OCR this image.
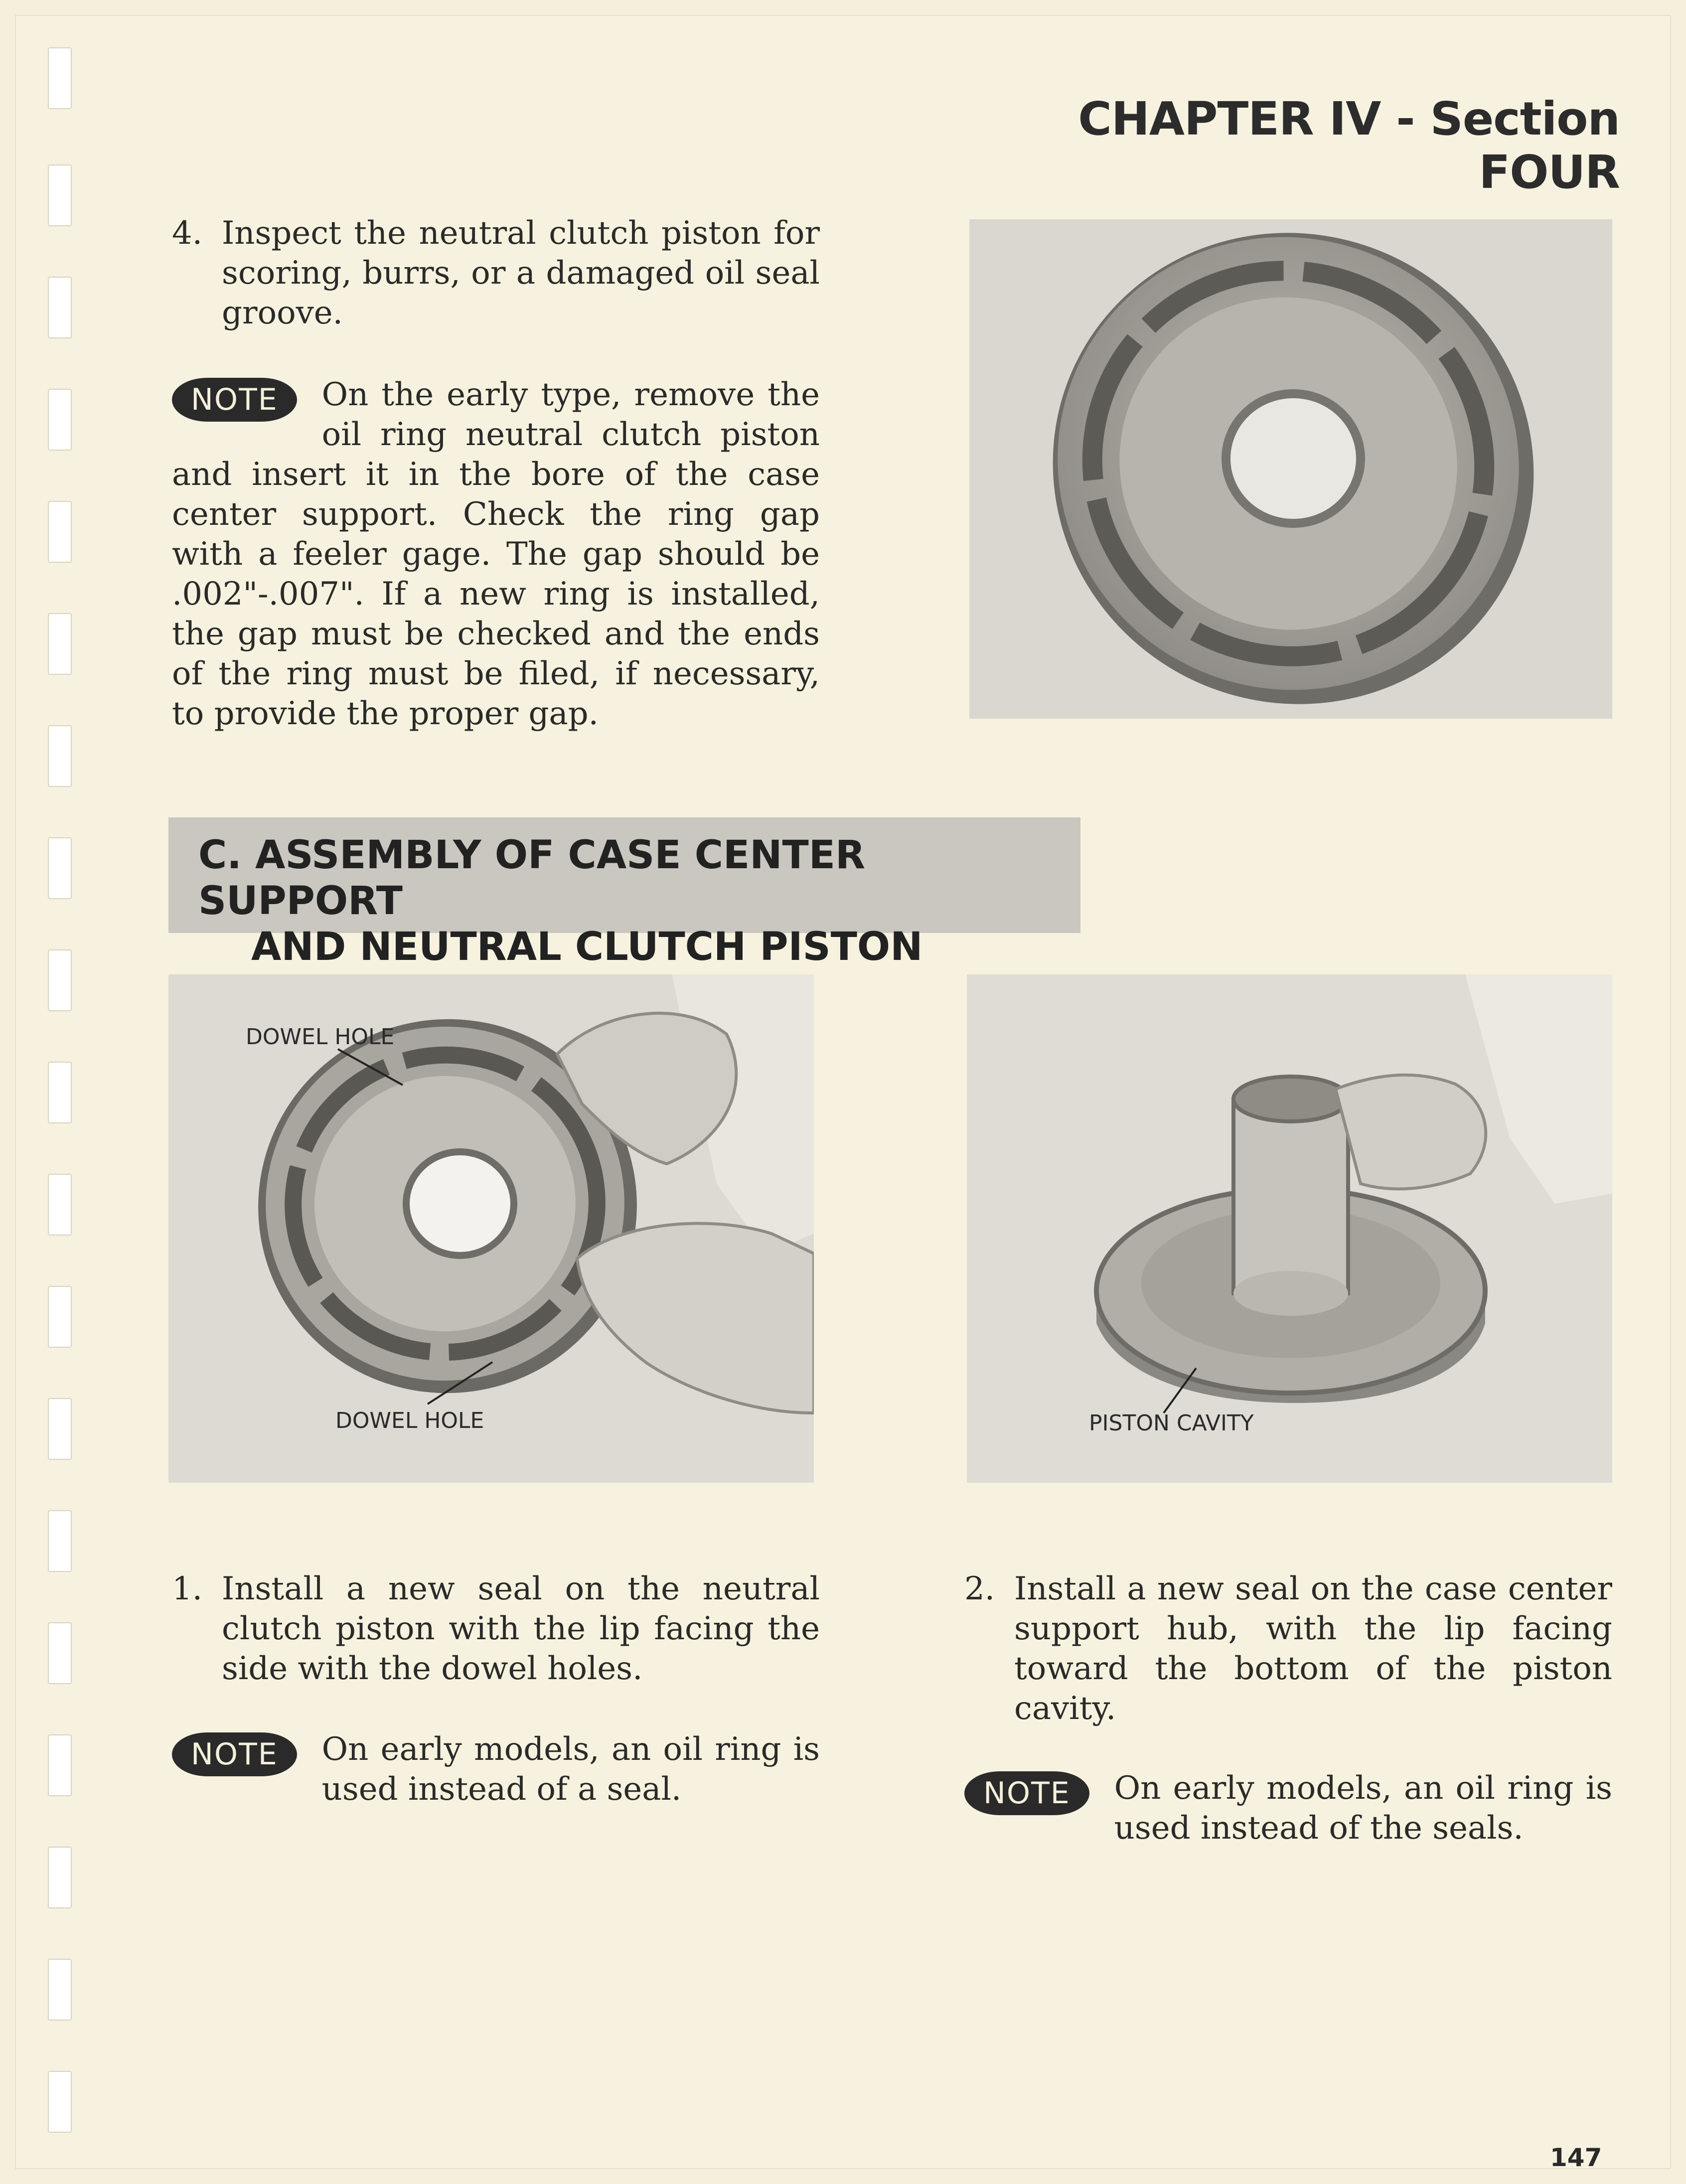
CHAPTER IV - Section FOUR
4. Inspect the neutral clutch piston for scoring, burrs, or a damaged oil seal groove.
NOTE	On the early type, remove the oil ring neutral clutch piston and insert it in the bore of the case center support. Check the ring gap with a feeler gage. The gap should be .002"-.007". If a new ring is installed, the gap must be checked and the ends of the ring must be filed, if necessary, to provide the proper gap.
C. ASSEMBLY OF CASE CENTER SUPPORT
AND NEUTRAL CLUTCH PISTON
DOWEL HOLE
DOWEL HOLE	PISTON CAVITY
1. Install a new seal on the neutral clutch piston with the lip facing the side with the dowel holes.
NOTE	On early models, an oil ring is used instead of a seal.
2. Install a new seal on the case center support hub, with the lip facing toward the bottom of the piston cavity.
NOTE	On early models, an oil ring is used instead of the seals.
147
